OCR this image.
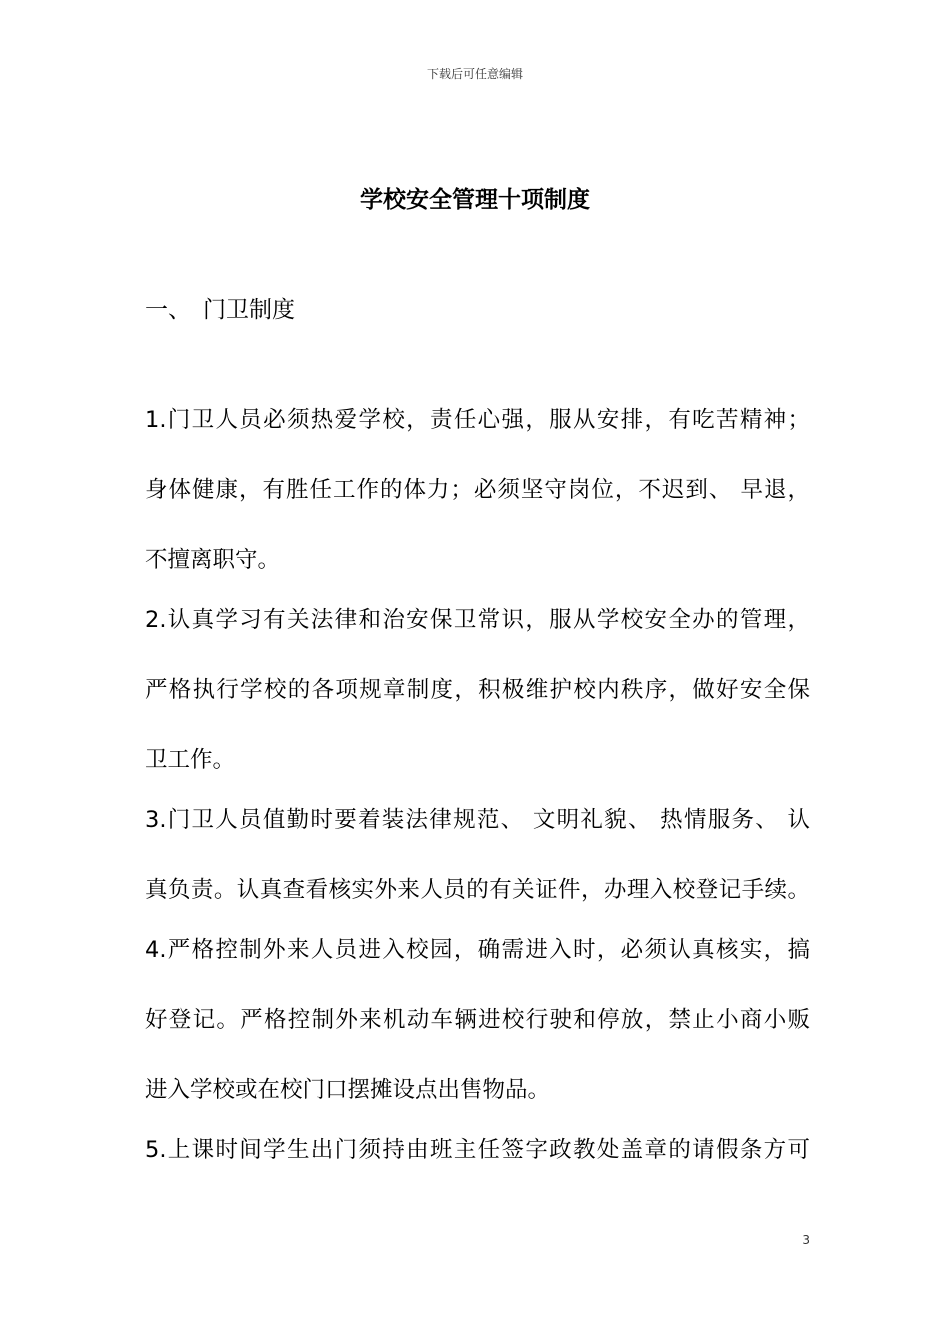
下载后可任意编辑
学校安全管理十项制度
一、 门卫制度
1.门卫人员必须热爱学校，责任心强，服从安排，有吃苦精神；
身体健康，有胜任工作的体力；必须坚守岗位，不迟到、 早退，
不擅离职守。
2.认真学习有关法律和治安保卫常识，服从学校安全办的管理，
严格执行学校的各项规章制度，积极维护校内秩序，做好安全保
卫工作。
3.门卫人员值勤时要着装法律规范、 文明礼貌、 热情服务、 认
真负责。认真查看核实外来人员的有关证件，办理入校登记手续。
4.严格控制外来人员进入校园，确需进入时，必须认真核实，搞
好登记。严格控制外来机动车辆进校行驶和停放，禁止小商小贩
进入学校或在校门口摆摊设点出售物品。
5.上课时间学生出门须持由班主任签字政教处盖章的请假条方可
3
